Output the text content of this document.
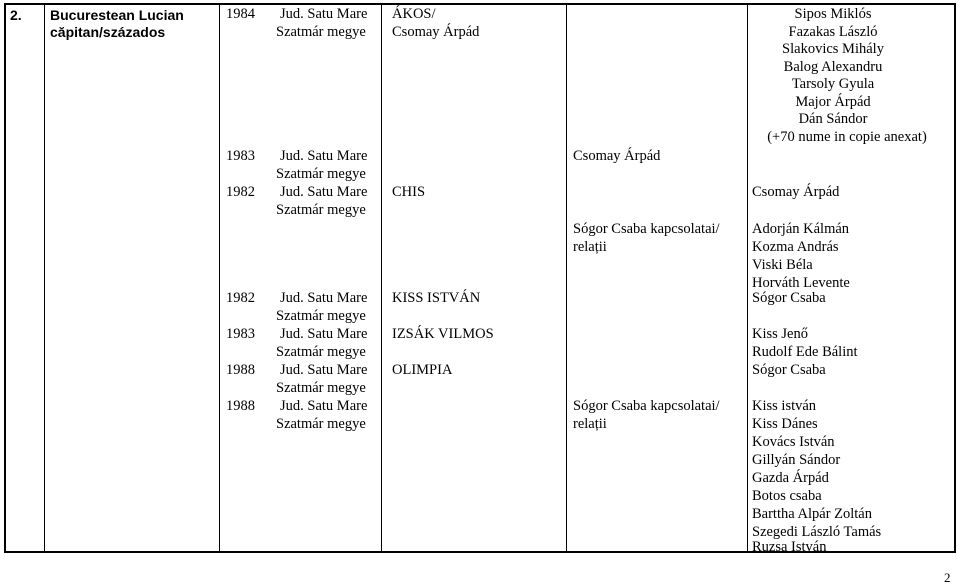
2. Bucurestean Lucian
căpitan/százados
1984 Jud. Satu Mare
Szatmár megye
ÁKOS/
Csomay Árpád
1983 Jud. Satu Mare
Szatmár megye
1982 Jud. Satu Mare
Szatmár megye
CHIS
1982 Jud. Satu Mare
Szatmár megye
KISS ISTVÁN
1983 Jud. Satu Mare
Szatmár megye
IZSÁK VILMOS
1988 Jud. Satu Mare
Szatmár megye
OLIMPIA
1988 Jud. Satu Mare
Szatmár megye
Csomay Árpád
Sógor Csaba kapcsolatai/
relații
Sógor Csaba kapcsolatai/
relații
Sipos Miklós
Fazakas László
Slakovics Mihály
Balog Alexandru
Tarsoly Gyula
Major Árpád
Dán Sándor
(+70 nume in copie anexat)
Csomay Árpád
Adorján Kálmán
Kozma András
Viski Béla
Horváth Levente
Sógor Csaba
Kiss Jenő
Rudolf Ede Bálint
Sógor Csaba
Kiss istván
Kiss Dánes
Kovács István
Gillyán Sándor
Gazda Árpád
Botos csaba
Barttha Alpár Zoltán
Szegedi László Tamás
Ruzsa István
2
